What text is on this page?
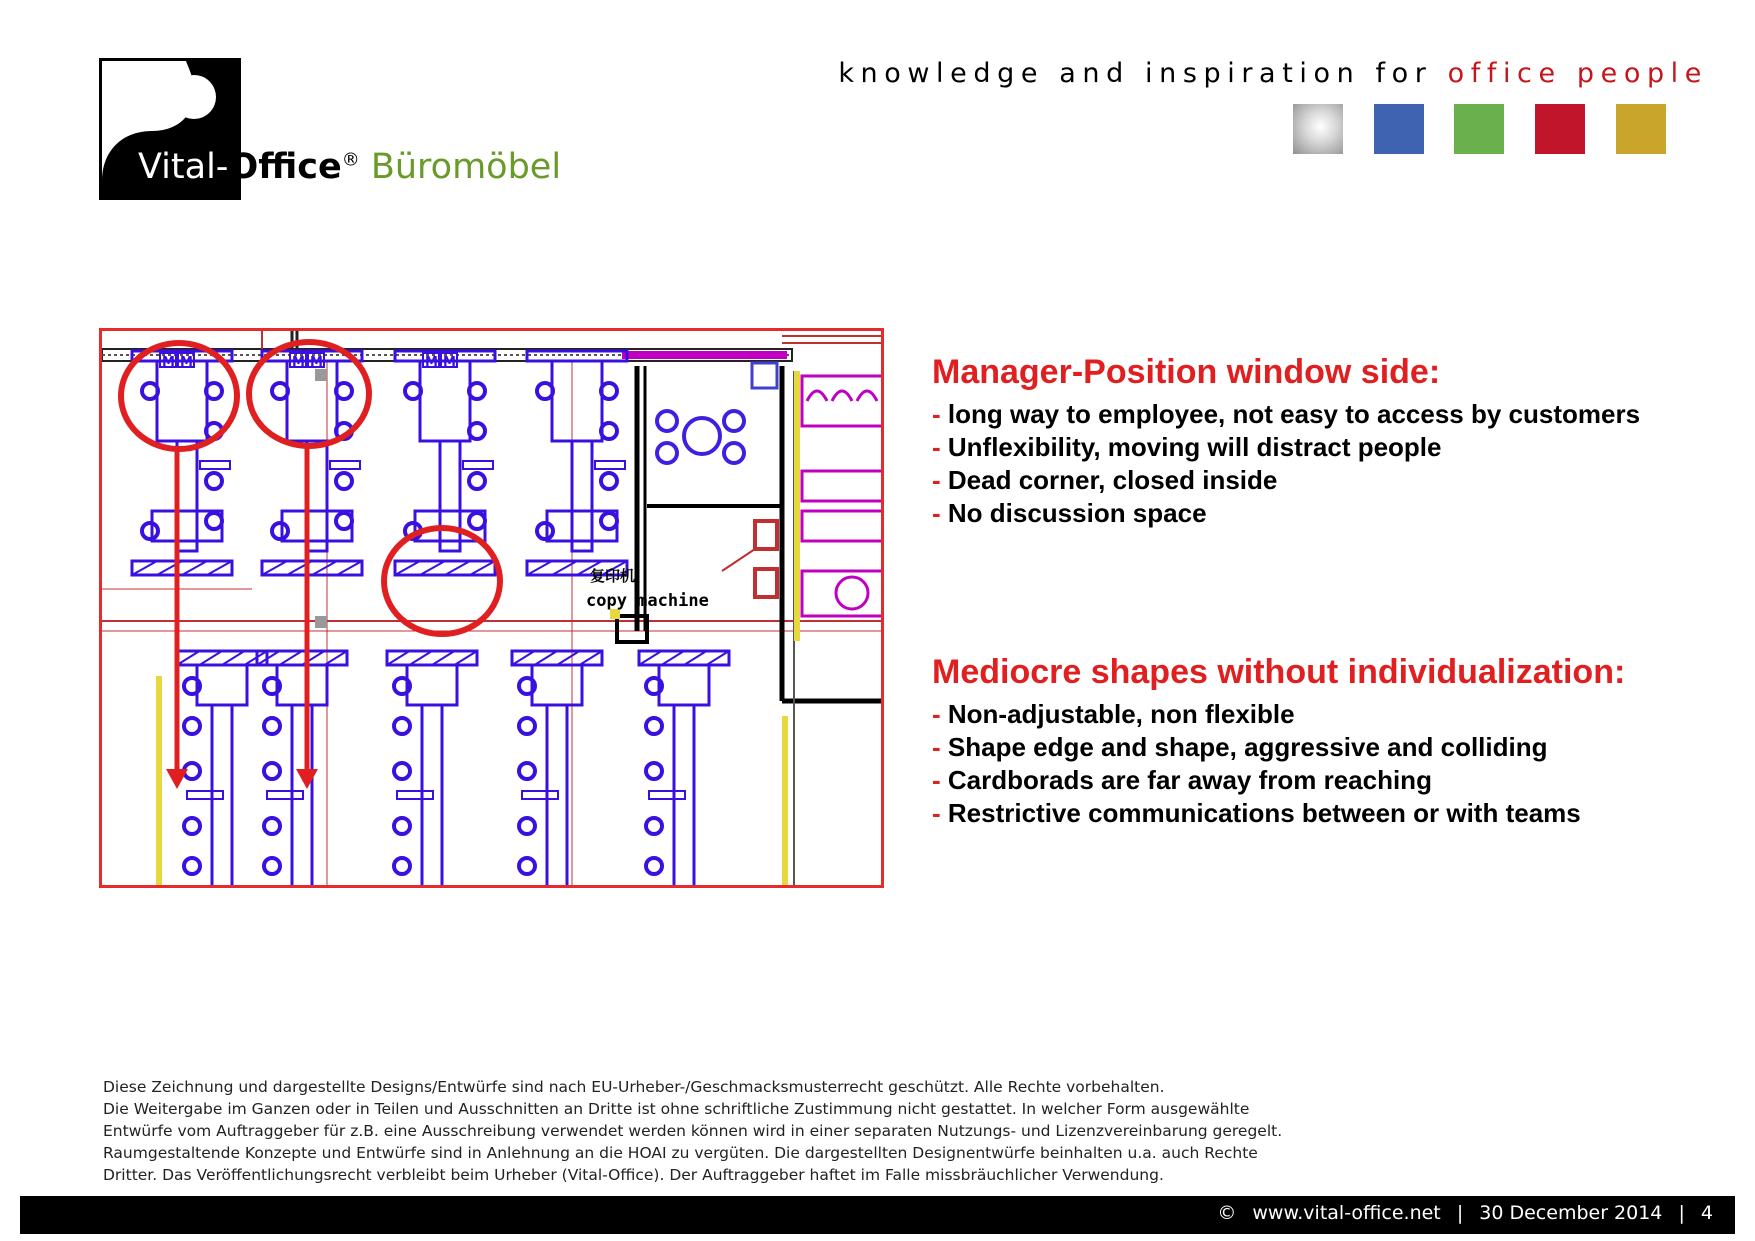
Vital-Office® Büromöbel
knowledge and inspiration for office people
M M	M M	M M
复印机
copy machine
Manager-Position window side:
- long way to employee, not easy to access by customers
- Unflexibility, moving will distract people
- Dead corner, closed inside
- No discussion space
Mediocre shapes without individualization:
- Non-adjustable, non flexible
- Shape edge and shape, aggressive and colliding
- Cardborads are far away from reaching
- Restrictive communications between or with teams
Diese Zeichnung und dargestellte Designs/Entwürfe sind nach EU-Urheber-/Geschmacksmusterrecht geschützt. Alle Rechte vorbehalten.
Die Weitergabe im Ganzen oder in Teilen und Ausschnitten an Dritte ist ohne schriftliche Zustimmung nicht gestattet. In welcher Form ausgewählte
Entwürfe vom Auftraggeber für z.B. eine Ausschreibung verwendet werden können wird in einer separaten Nutzungs- und Lizenzvereinbarung geregelt.
Raumgestaltende Konzepte und Entwürfe sind in Anlehnung an die HOAI zu vergüten. Die dargestellten Designentwürfe beinhalten u.a. auch Rechte
Dritter. Das Veröffentlichungsrecht verbleibt beim Urheber (Vital-Office). Der Auftraggeber haftet im Falle missbräuchlicher Verwendung.
© www.vital-office.net | 30 December 2014 | 4
